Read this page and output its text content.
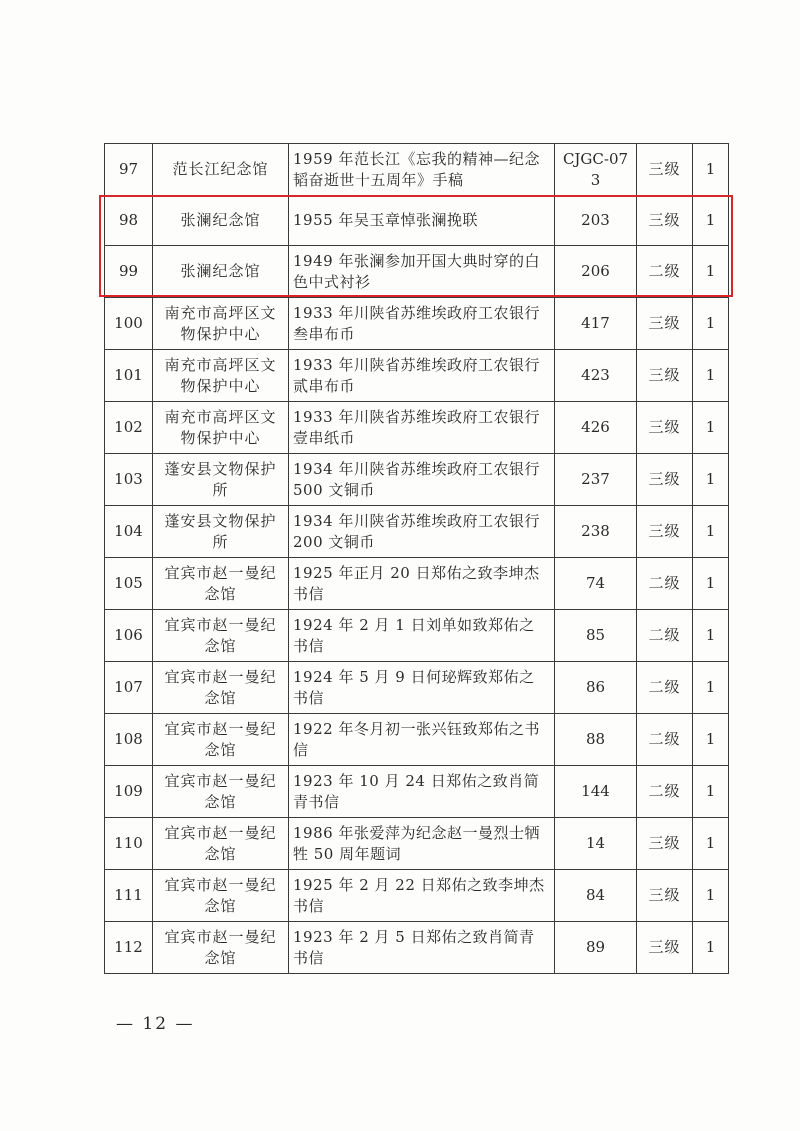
97	范长江纪念馆	1959 年范长江《忘我的精神—纪念韬奋逝世十五周年》手稿	CJGC-073	三级	1
98	张澜纪念馆	1955 年吴玉章悼张澜挽联	203	三级	1
99	张澜纪念馆	1949 年张澜参加开国大典时穿的白色中式衬衫	206	二级	1
100	南充市高坪区文物保护中心	1933 年川陕省苏维埃政府工农银行叁串布币	417	三级	1
101	南充市高坪区文物保护中心	1933 年川陕省苏维埃政府工农银行贰串布币	423	三级	1
102	南充市高坪区文物保护中心	1933 年川陕省苏维埃政府工农银行壹串纸币	426	三级	1
103	蓬安县文物保护所	1934 年川陕省苏维埃政府工农银行 500 文铜币	237	三级	1
104	蓬安县文物保护所	1934 年川陕省苏维埃政府工农银行 200 文铜币	238	三级	1
105	宜宾市赵一曼纪念馆	1925 年正月 20 日郑佑之致李坤杰书信	74	二级	1
106	宜宾市赵一曼纪念馆	1924 年 2 月 1 日刘单如致郑佑之书信	85	二级	1
107	宜宾市赵一曼纪念馆	1924 年 5 月 9 日何珌辉致郑佑之书信	86	二级	1
108	宜宾市赵一曼纪念馆	1922 年冬月初一张兴钰致郑佑之书信	88	二级	1
109	宜宾市赵一曼纪念馆	1923 年 10 月 24 日郑佑之致肖简青书信	144	二级	1
110	宜宾市赵一曼纪念馆	1986 年张爱萍为纪念赵一曼烈士牺牲 50 周年题词	14	三级	1
111	宜宾市赵一曼纪念馆	1925 年 2 月 22 日郑佑之致李坤杰书信	84	三级	1
112	宜宾市赵一曼纪念馆	1923 年 2 月 5 日郑佑之致肖简青书信	89	三级	1
— 12 —
